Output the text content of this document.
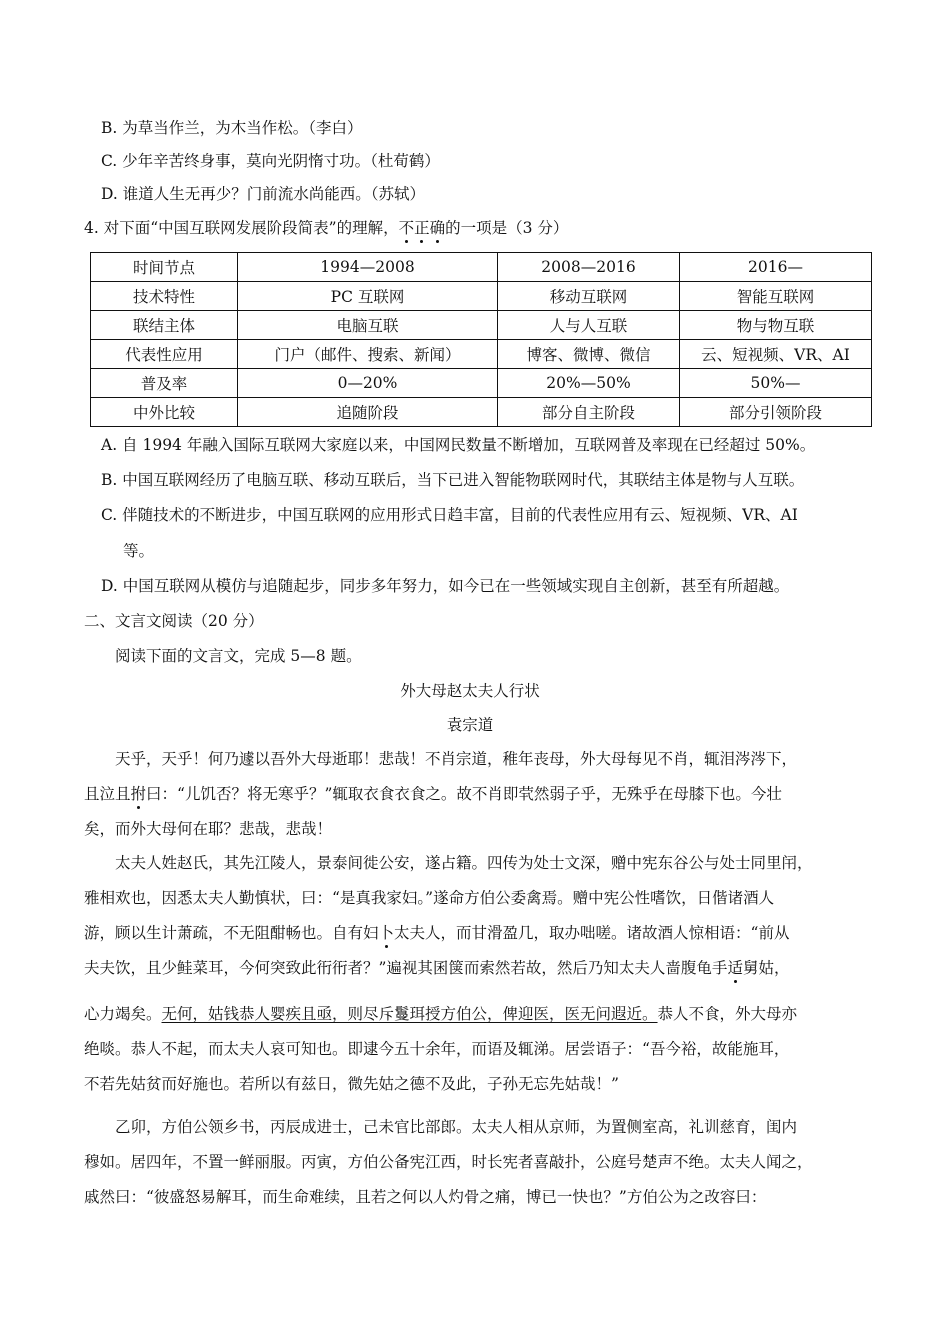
B. 为草当作兰，为木当作松。（李白）
C. 少年辛苦终身事，莫向光阴惰寸功。（杜荀鹤）
D. 谁道人生无再少？门前流水尚能西。（苏轼）
4. 对下面“中国互联网发展阶段简表”的理解，不正确的一项是（3 分）
时间节点	1994—2008	2008—2016	2016—
技术特性	PC 互联网	移动互联网	智能互联网
联结主体	电脑互联	人与人互联	物与物互联
代表性应用	门户（邮件、搜索、新闻）	博客、微博、微信	云、短视频、VR、AI
普及率	0—20%	20%—50%	50%—
中外比较	追随阶段	部分自主阶段	部分引领阶段
A. 自 1994 年融入国际互联网大家庭以来，中国网民数量不断增加，互联网普及率现在已经超过 50%。
B. 中国互联网经历了电脑互联、移动互联后，当下已进入智能物联网时代，其联结主体是物与人互联。
C. 伴随技术的不断进步，中国互联网的应用形式日趋丰富，目前的代表性应用有云、短视频、VR、AI
等。
D. 中国互联网从模仿与追随起步，同步多年努力，如今已在一些领域实现自主创新，甚至有所超越。
二、文言文阅读（20 分）
阅读下面的文言文，完成 5—8 题。
外大母赵太夫人行状
袁宗道
天乎，天乎！何乃遽以吾外大母逝耶！悲哉！不肖宗道，稚年丧母，外大母每见不肖，辄泪涔涔下，
且泣且拊曰：“儿饥否？将无寒乎？”辄取衣食衣食之。故不肖即茕然弱子乎，无殊乎在母膝下也。今壮
矣，而外大母何在耶？悲哉，悲哉！
太夫人姓赵氏，其先江陵人，景泰间徙公安，遂占籍。四传为处士文深，赠中宪东谷公与处士同里闬，
雅相欢也，因悉太夫人勤慎状，曰：“是真我家妇。”遂命方伯公委禽焉。赠中宪公性嗜饮，日偕诸酒人
游，顾以生计萧疏，不无阻酣畅也。自有妇卜太夫人，而甘滑盈几，取办咄嗟。诸故酒人惊相语：“前从
夫夫饮，且少鲑菜耳，今何突致此衎衎者？”遍视其囷箧而索然若故，然后乃知太夫人啬腹龟手适舅姑，
心力竭矣。无何，姑钱恭人婴疾且亟，则尽斥鬘珥授方伯公，俾迎医，医无问遐近。恭人不食，外大母亦
绝啖。恭人不起，而太夫人哀可知也。即逮今五十余年，而语及辄涕。居尝语子：“吾今裕，故能施耳，
不若先姑贫而好施也。若所以有兹日，微先姑之德不及此，子孙无忘先姑哉！”
乙卯，方伯公领乡书，丙辰成进士，己未官比部郎。太夫人相从京师，为置侧室高，礼训慈育，闺内
穆如。居四年，不置一鲜丽服。丙寅，方伯公备宪江西，时长宪者喜敲扑，公庭号楚声不绝。太夫人闻之，
戚然曰：“彼盛怒易解耳，而生命难续，且若之何以人灼骨之痛，博已一快也？”方伯公为之改容曰：
